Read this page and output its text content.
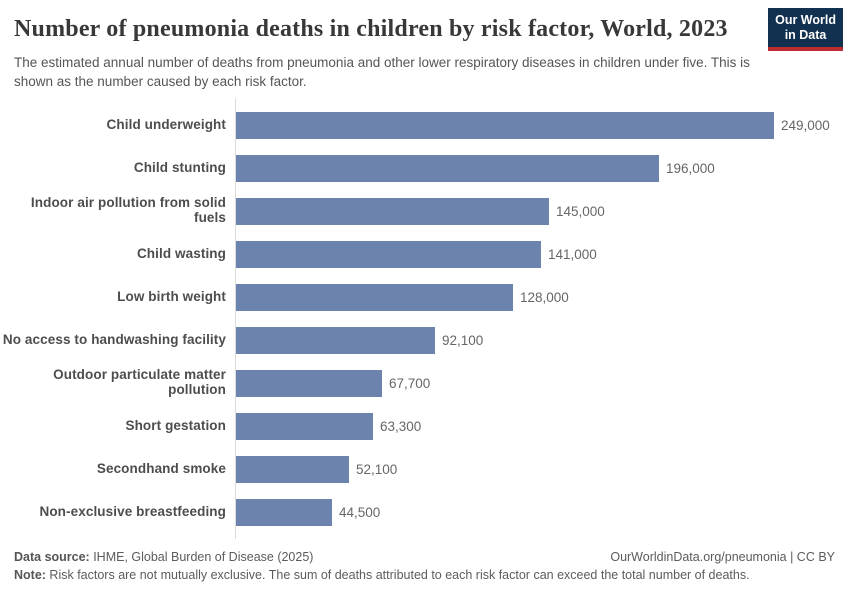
Number of pneumonia deaths in children by risk factor, World, 2023	Our World
in Data

The estimated annual number of deaths from pneumonia and other lower respiratory diseases in children under five. This is shown as the number caused by each risk factor.

Child underweight	249,000
Child stunting	196,000
Indoor air pollution from solid fuels	145,000
Child wasting	141,000
Low birth weight	128,000
No access to handwashing facility	92,100
Outdoor particulate matter pollution	67,700
Short gestation	63,300
Secondhand smoke	52,100
Non-exclusive breastfeeding	44,500
Data source: IHME, Global Burden of Disease (2025)	OurWorldinData.org/pneumonia | CC BY
Note: Risk factors are not mutually exclusive. The sum of deaths attributed to each risk factor can exceed the total number of deaths.
